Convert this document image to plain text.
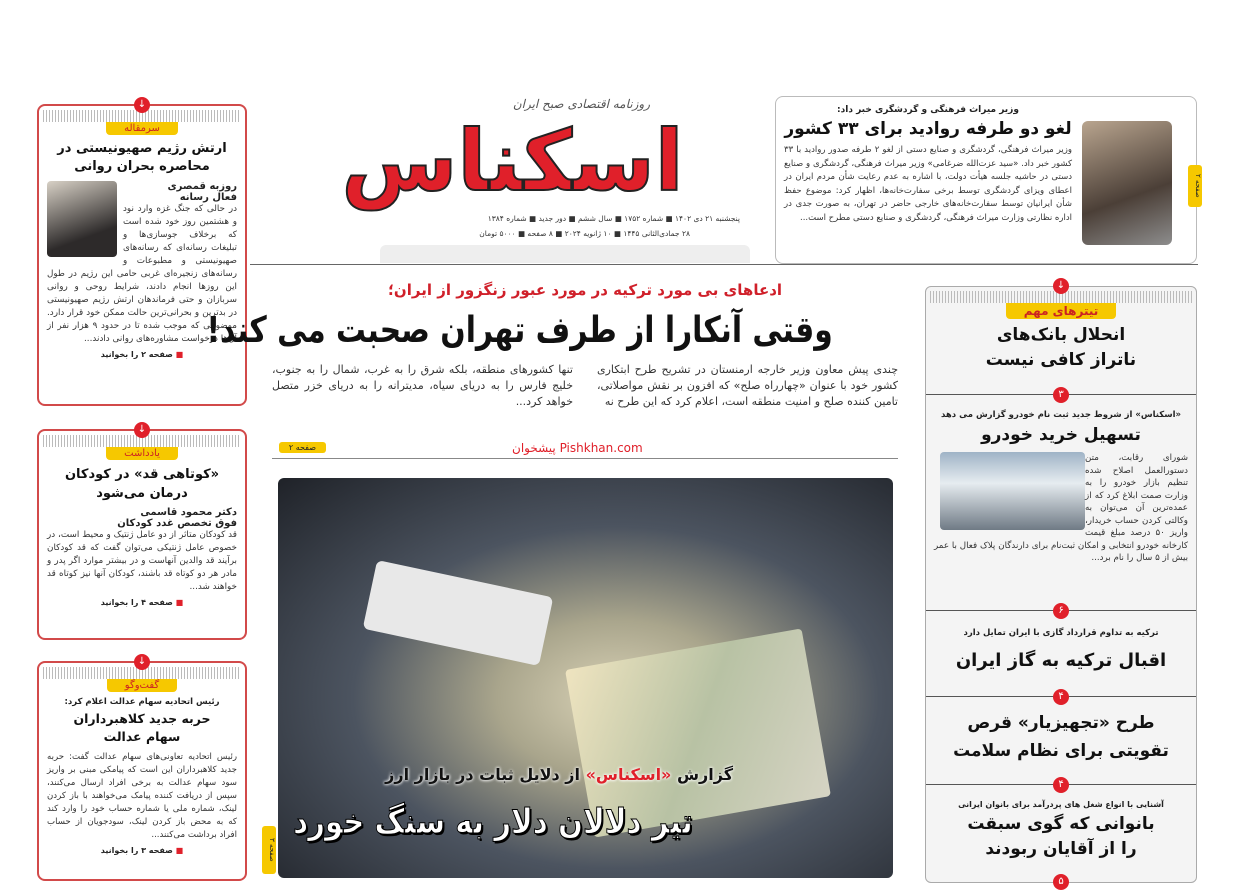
صفحه ۲
وزیر میراث فرهنگی و گردشگری خبر داد:
لغو دو طرفه روادید برای ۳۳ کشور
وزیر میراث فرهنگی، گردشگری و صنایع دستی از لغو ۲ طرفه صدور روادید با ۳۳ کشور خبر داد. «سید عزت‌الله ضرغامی» وزیر میراث فرهنگی، گردشگری و صنایع دستی در حاشیه جلسه هیأت دولت، با اشاره به عدم رعایت شأن مردم ایران در اعطای ویزای گردشگری توسط برخی سفارت‌خانه‌ها، اظهار کرد: موضوع حفظ شأن ایرانیان توسط سفارت‌خانه‌های خارجی حاضر در تهران، به صورت جدی در اداره نظارتی وزارت میراث فرهنگی، گردشگری و صنایع دستی مطرح است...
روزنامه اقتصادی صبح ایران
اسکناس
پنجشنبه ۲۱ دی ۱۴۰۲ ■ شماره ۱۷۵۲ ■ سال ششم ■ دور جدید ■ شماره ۱۳۸۴
۲۸ جمادی‌الثانی ۱۴۴۵ ■ ۱۰ ژانویه ۲۰۲۴ ■ ۸ صفحه ■ ۵۰۰۰ تومان
↓
سرمقاله
ارتش رژیم صهیونیستی در محاصره بحران روانی
روزبه قمصری
فعال رسانه
در حالی که جنگ غزه وارد نود و هشتمین روز خود شده است که برخلاف جوسازی‌ها و تبلیغات رسانه‌ای که رسانه‌های صهیونیستی و مطبوعات و رسانه‌های زنجیره‌ای غربی حامی این رژیم در طول این روزها انجام دادند، شرایط روحی و روانی سربازان و حتی فرماندهان ارتش رژیم صهیونیستی در بدترین و بحرانی‌ترین حالت ممکن خود قرار دارد. موضوعی که موجب شده تا در حدود ۹ هزار نفر از آن‌ها درخواست مشاوره‌های روانی دادند...
■ صفحه ۲ را بخوانید
↓
یادداشت
«کوتاهی قد» در کودکان درمان می‌شود
دکتر محمود قاسمی
فوق تخصص غدد کودکان
قد کودکان متاثر از دو عامل ژنتیک و محیط است، در خصوص عامل ژنتیکی می‌توان گفت که قد کودکان برآیند قد والدین آنهاست و در بیشتر موارد اگر پدر و مادر هر دو کوتاه قد باشند، کودکان آنها نیز کوتاه قد خواهند شد...
■ صفحه ۴ را بخوانید
↓
گفت‌وگو
رئیس اتحادیه سهام عدالت اعلام کرد:
حربه جدید کلاهبرداران سهام عدالت
رئیس اتحادیه تعاونی‌های سهام عدالت گفت: حربه جدید کلاهبرداران این است که پیامکی مبنی بر واریز سود سهام عدالت به برخی افراد ارسال می‌کنند، سپس از دریافت کننده پیامک می‌خواهند با باز کردن لینک، شماره ملی یا شماره حساب خود را وارد کند که به محض باز کردن لینک، سودجویان از حساب افراد برداشت می‌کنند...
■ صفحه ۳ را بخوانید
ادعاهای بی مورد ترکیه در مورد عبور زنگزور از ایران؛
وقتی آنکارا از طرف تهران صحبت می کند!
چندی پیش معاون وزیر خارجه ارمنستان در تشریح طرح ابتکاری کشور خود با عنوان «چهارراه صلح» که افزون بر نقش مواصلاتی، تامین کننده صلح و امنیت منطقه است، اعلام کرد که این طرح نه
تنها کشورهای منطقه، بلکه شرق را به غرب، شمال را به جنوب، خلیج فارس را به دریای سیاه، مدیترانه را به دریای خزر متصل خواهد کرد...
پیشخوان Pishkhan.com
صفحه ۲
گزارش «اسکناس» از دلایل ثبات در بازار ارز
تیر دلالان دلار به سنگ خورد
صفحه ۳
↓
تیترهای مهم
انحلال بانک‌های ناتراز کافی نیست
۳
«اسکناس» از شروط جدید ثبت نام خودرو گزارش می دهد
تسهیل خرید خودرو
شورای رقابت، متن دستورالعمل اصلاح شده تنظیم بازار خودرو را به وزارت صمت ابلاغ کرد که از عمده‌ترین آن می‌توان به وکالتی کردن حساب خریدار، واریز ۵۰ درصد مبلغ قیمت کارخانه خودرو انتخابی و امکان ثبت‌نام برای دارندگان پلاک فعال با عمر بیش از ۵ سال را نام برد...
۶
ترکیه به تداوم قرارداد گازی با ایران تمایل دارد
اقبال ترکیه به گاز ایران
۴
طرح «تجهیزیار» قرص تقویتی برای نظام سلامت
۴
آشنایی با انواع شغل های پردرآمد برای بانوان ایرانی
بانوانی که گوی سبقت را از آقایان ربودند
۵
